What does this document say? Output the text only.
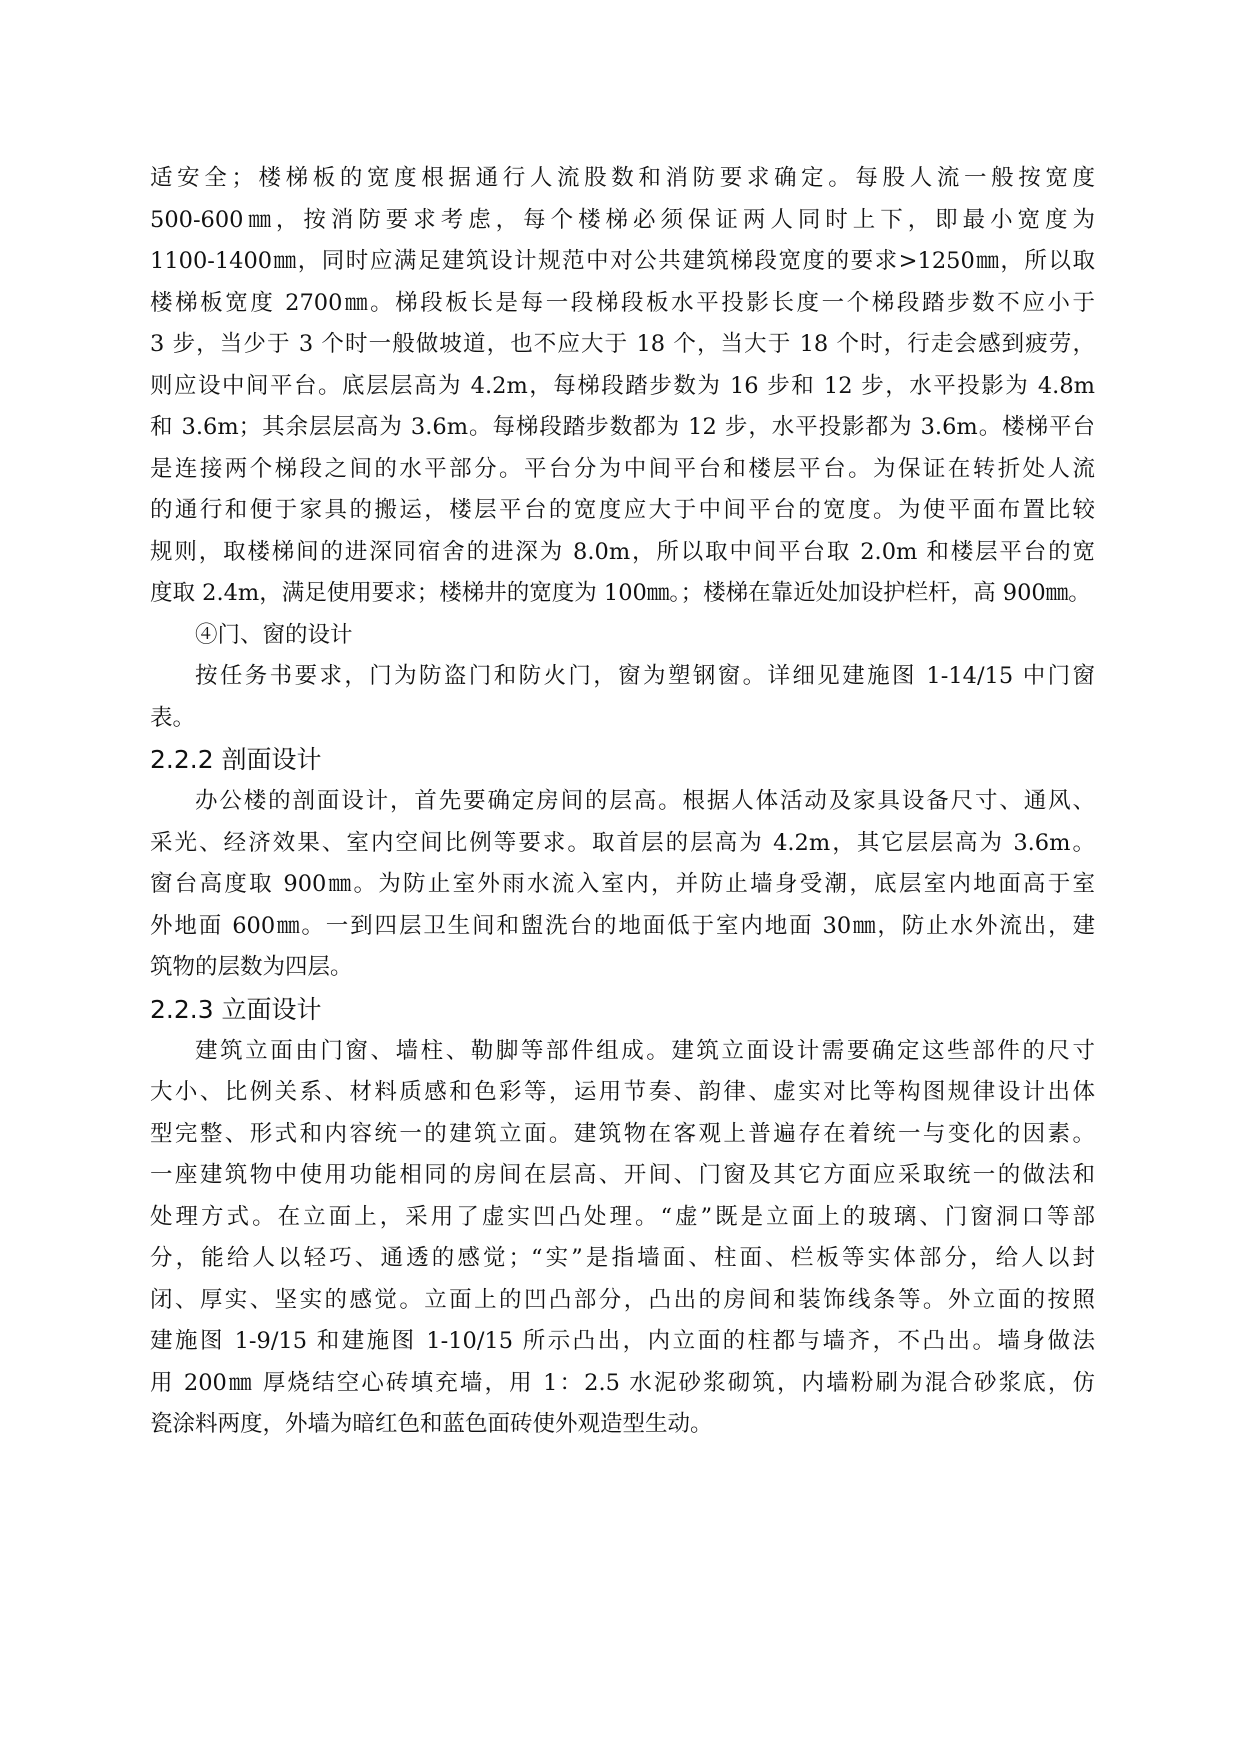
适安全；楼梯板的宽度根据通行人流股数和消防要求确定。每股人流一般按宽度
500-600㎜，按消防要求考虑，每个楼梯必须保证两人同时上下，即最小宽度为
1100-1400㎜，同时应满足建筑设计规范中对公共建筑梯段宽度的要求>1250㎜，所以取
楼梯板宽度 2700㎜。梯段板长是每一段梯段板水平投影长度一个梯段踏步数不应小于
3 步，当少于 3 个时一般做坡道，也不应大于 18 个，当大于 18 个时，行走会感到疲劳，
则应设中间平台。底层层高为 4.2m，每梯段踏步数为 16 步和 12 步，水平投影为 4.8m
和 3.6m；其余层层高为 3.6m。每梯段踏步数都为 12 步，水平投影都为 3.6m。楼梯平台
是连接两个梯段之间的水平部分。平台分为中间平台和楼层平台。为保证在转折处人流
的通行和便于家具的搬运，楼层平台的宽度应大于中间平台的宽度。为使平面布置比较
规则，取楼梯间的进深同宿舍的进深为 8.0m，所以取中间平台取 2.0m 和楼层平台的宽
度取 2.4m，满足使用要求；楼梯井的宽度为 100㎜。；楼梯在靠近处加设护栏杆，高 900㎜。

④门、窗的设计

按任务书要求，门为防盗门和防火门，窗为塑钢窗。详细见建施图 1-14/15 中门窗
表。

2.2.2 剖面设计

办公楼的剖面设计，首先要确定房间的层高。根据人体活动及家具设备尺寸、通风、
采光、经济效果、室内空间比例等要求。取首层的层高为 4.2m，其它层层高为 3.6m。
窗台高度取 900㎜。为防止室外雨水流入室内，并防止墙身受潮，底层室内地面高于室
外地面 600㎜。一到四层卫生间和盥洗台的地面低于室内地面 30㎜，防止水外流出，建
筑物的层数为四层。

2.2.3 立面设计

建筑立面由门窗、墙柱、勒脚等部件组成。建筑立面设计需要确定这些部件的尺寸
大小、比例关系、材料质感和色彩等，运用节奏、韵律、虚实对比等构图规律设计出体
型完整、形式和内容统一的建筑立面。建筑物在客观上普遍存在着统一与变化的因素。
一座建筑物中使用功能相同的房间在层高、开间、门窗及其它方面应采取统一的做法和
处理方式。在立面上，采用了虚实凹凸处理。“虚”既是立面上的玻璃、门窗洞口等部
分，能给人以轻巧、通透的感觉；“实”是指墙面、柱面、栏板等实体部分，给人以封
闭、厚实、坚实的感觉。立面上的凹凸部分，凸出的房间和装饰线条等。外立面的按照
建施图 1-9/15 和建施图 1-10/15 所示凸出，内立面的柱都与墙齐，不凸出。墙身做法
用 200㎜ 厚烧结空心砖填充墙，用 1：2.5 水泥砂浆砌筑，内墙粉刷为混合砂浆底，仿
瓷涂料两度，外墙为暗红色和蓝色面砖使外观造型生动。
